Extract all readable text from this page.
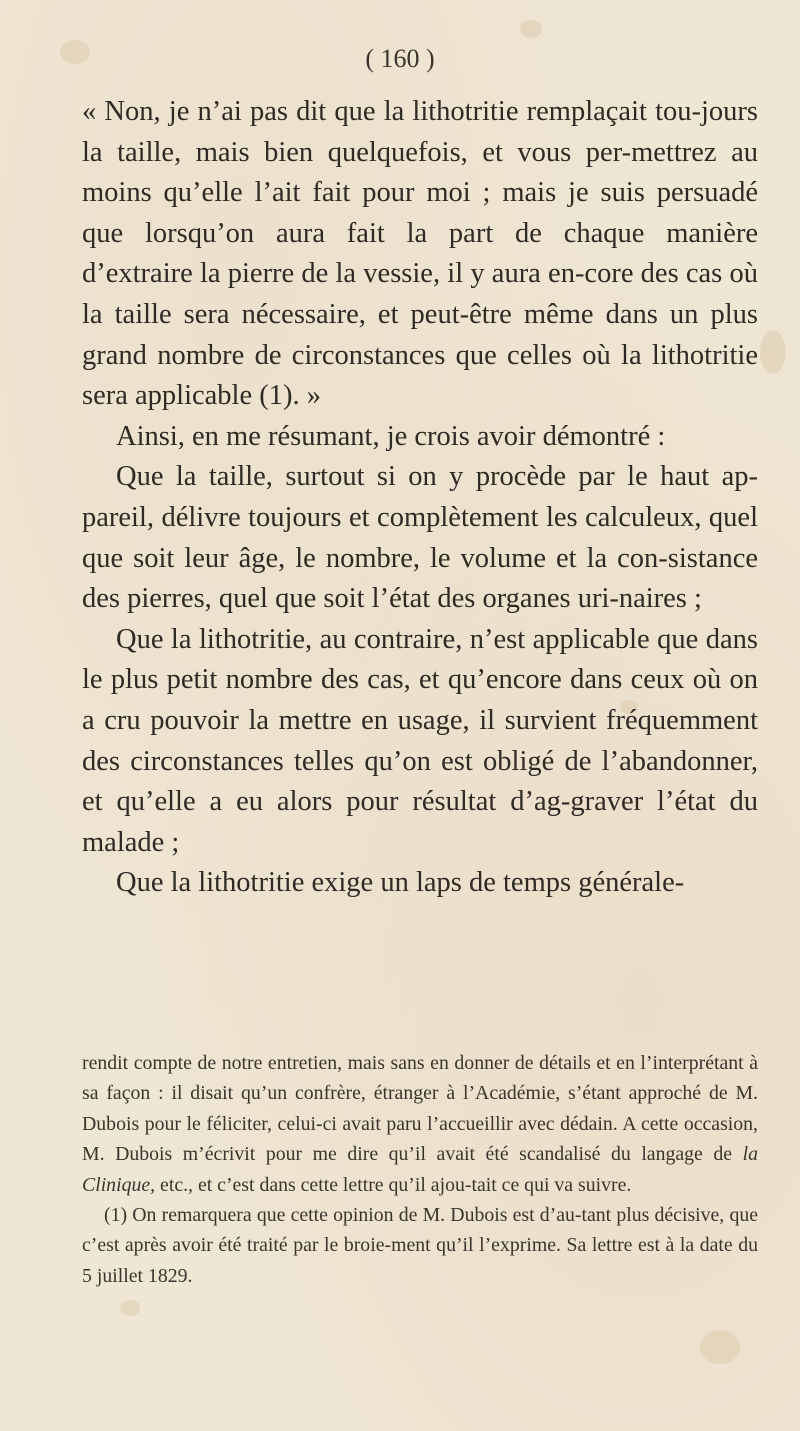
( 160 )

« Non, je n’ai pas dit que la lithotritie remplaçait tou-jours la taille, mais bien quelquefois, et vous per-mettrez au moins qu’elle l’ait fait pour moi ; mais je suis persuadé que lorsqu’on aura fait la part de chaque manière d’extraire la pierre de la vessie, il y aura en-core des cas où la taille sera nécessaire, et peut-être même dans un plus grand nombre de circonstances que celles où la lithotritie sera applicable (1). »

Ainsi, en me résumant, je crois avoir démontré :

Que la taille, surtout si on y procède par le haut ap-pareil, délivre toujours et complètement les calculeux, quel que soit leur âge, le nombre, le volume et la con-sistance des pierres, quel que soit l’état des organes uri-naires ;

Que la lithotritie, au contraire, n’est applicable que dans le plus petit nombre des cas, et qu’encore dans ceux où on a cru pouvoir la mettre en usage, il survient fréquemment des circonstances telles qu’on est obligé de l’abandonner, et qu’elle a eu alors pour résultat d’ag-graver l’état du malade ;

Que la lithotritie exige un laps de temps générale-

rendit compte de notre entretien, mais sans en donner de détails et en l’interprétant à sa façon : il disait qu’un confrère, étranger à l’Académie, s’étant approché de M. Dubois pour le féliciter, celui-ci avait paru l’accueillir avec dédain. A cette occasion, M. Dubois m’écrivit pour me dire qu’il avait été scandalisé du langage de la Clinique, etc., et c’est dans cette lettre qu’il ajou-tait ce qui va suivre.

(1) On remarquera que cette opinion de M. Dubois est d’au-tant plus décisive, que c’est après avoir été traité par le broie-ment qu’il l’exprime. Sa lettre est à la date du 5 juillet 1829.
